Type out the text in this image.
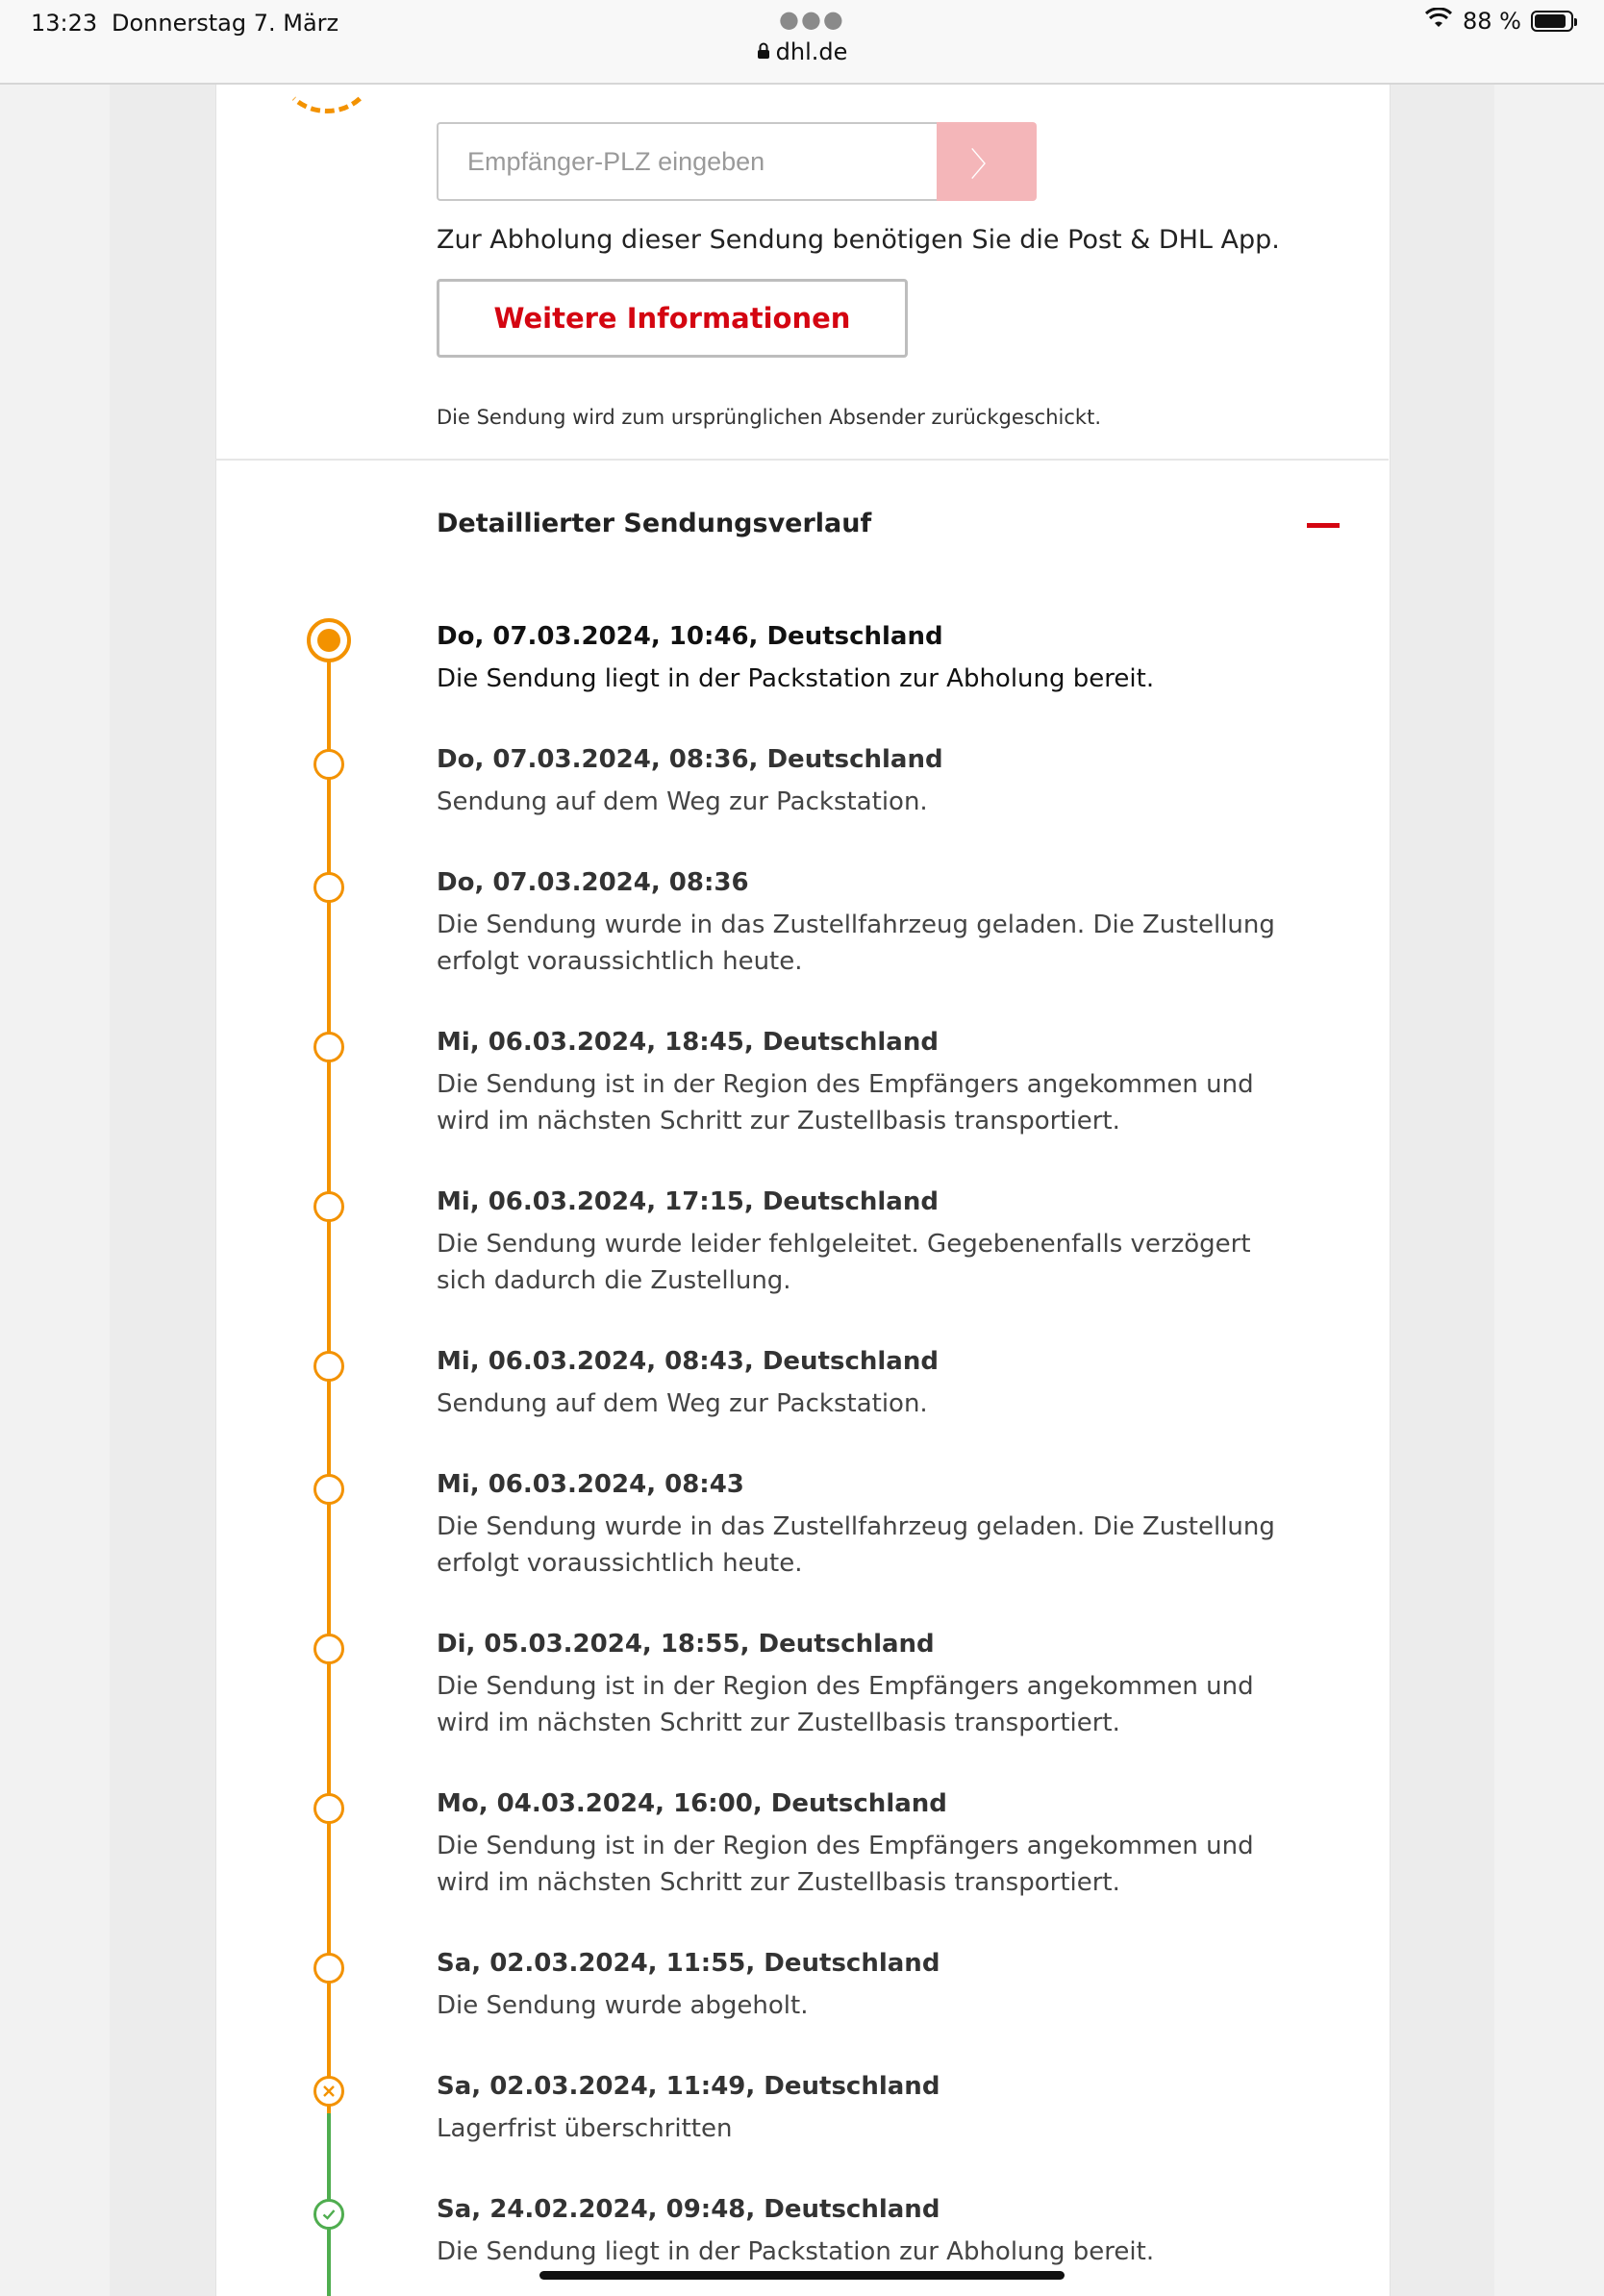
13:23 Donnerstag 7. März	●●●
dhl.de
88 %
Empfänger-PLZ eingeben
〉
Zur Abholung dieser Sendung benötigen Sie die Post & DHL App.
Weitere Informationen
Die Sendung wird zum ursprünglichen Absender zurückgeschickt.
Detaillierter Sendungsverlauf
Do, 07.03.2024, 10:46, Deutschland
Die Sendung liegt in der Packstation zur Abholung bereit.
Do, 07.03.2024, 08:36, Deutschland
Sendung auf dem Weg zur Packstation.
Do, 07.03.2024, 08:36
Die Sendung wurde in das Zustellfahrzeug geladen. Die Zustellung erfolgt voraussichtlich heute.
Mi, 06.03.2024, 18:45, Deutschland
Die Sendung ist in der Region des Empfängers angekommen und wird im nächsten Schritt zur Zustellbasis transportiert.
Mi, 06.03.2024, 17:15, Deutschland
Die Sendung wurde leider fehlgeleitet. Gegebenenfalls verzögert sich dadurch die Zustellung.
Mi, 06.03.2024, 08:43, Deutschland
Sendung auf dem Weg zur Packstation.
Mi, 06.03.2024, 08:43
Die Sendung wurde in das Zustellfahrzeug geladen. Die Zustellung erfolgt voraussichtlich heute.
Di, 05.03.2024, 18:55, Deutschland
Die Sendung ist in der Region des Empfängers angekommen und wird im nächsten Schritt zur Zustellbasis transportiert.
Mo, 04.03.2024, 16:00, Deutschland
Die Sendung ist in der Region des Empfängers angekommen und wird im nächsten Schritt zur Zustellbasis transportiert.
Sa, 02.03.2024, 11:55, Deutschland
Die Sendung wurde abgeholt.
Sa, 02.03.2024, 11:49, Deutschland
Lagerfrist überschritten
Sa, 24.02.2024, 09:48, Deutschland
Die Sendung liegt in der Packstation zur Abholung bereit.
